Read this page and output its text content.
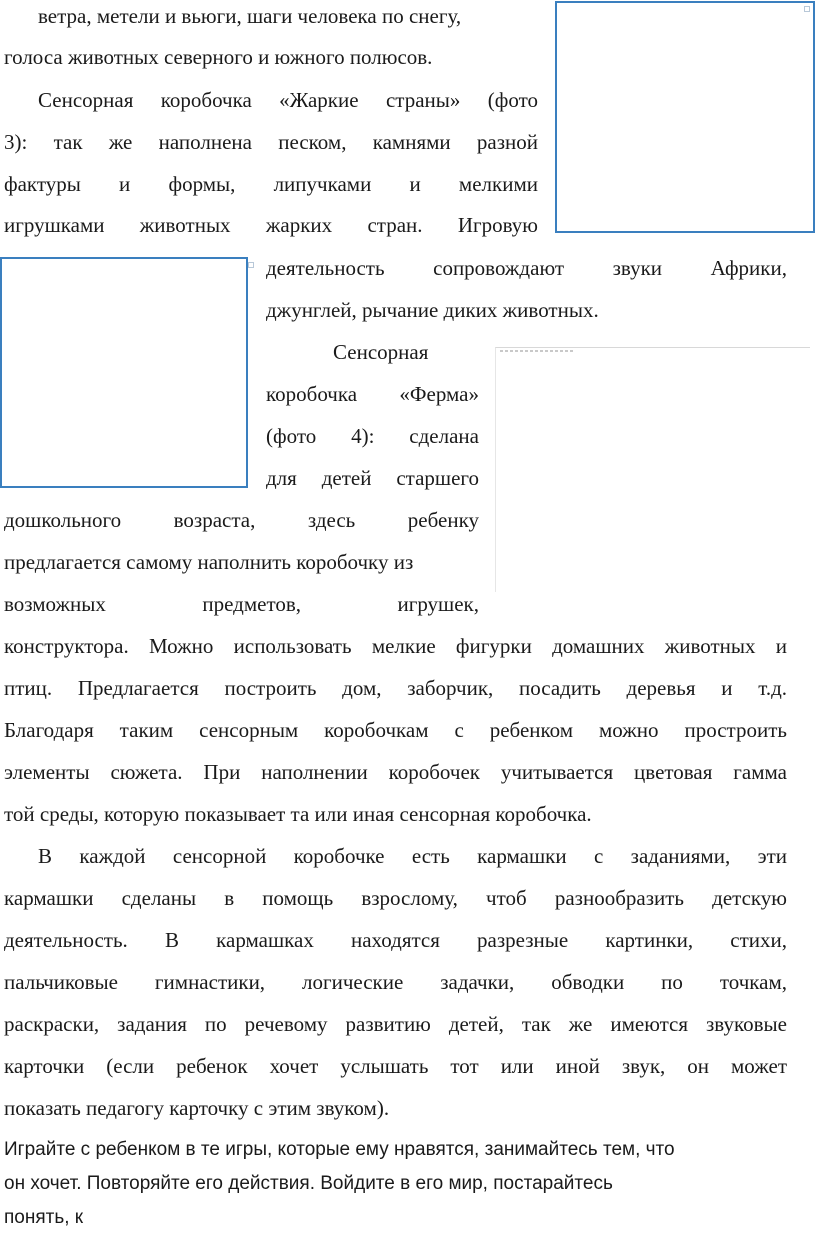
ветра, метели и вьюги, шаги человека по снегу,
голоса животных северного и южного полюсов.
Сенсорная коробочка «Жаркие страны» (фото
3): так же наполнена песком, камнями разной
фактуры и формы, липучками и мелкими
игрушками животных жарких стран. Игровую
деятельность сопровождают звуки Африки,
джунглей, рычание диких животных.
Сенсорная
коробочка «Ферма»
(фото 4): сделана
для детей старшего
дошкольного возраста, здесь ребенку
предлагается самому наполнить коробочку из
возможных предметов, игрушек,
конструктора. Можно использовать мелкие фигурки домашних животных и
птиц. Предлагается построить дом, заборчик, посадить деревья и т.д.
Благодаря таким сенсорным коробочкам с ребенком можно простроить
элементы сюжета. При наполнении коробочек учитывается цветовая гамма
той среды, которую показывает та или иная сенсорная коробочка.
В каждой сенсорной коробочке есть кармашки с заданиями, эти
кармашки сделаны в помощь взрослому, чтоб разнообразить детскую
деятельность. В кармашках находятся разрезные картинки, стихи,
пальчиковые гимнастики, логические задачки, обводки по точкам,
раскраски, задания по речевому развитию детей, так же имеются звуковые
карточки (если ребенок хочет услышать тот или иной звук, он может
показать педагогу карточку с этим звуком).
Играйте с ребенком в те игры, которые ему нравятся, занимайтесь тем, что
он хочет. Повторяйте его действия. Войдите в его мир, постарайтесь
понять, к
